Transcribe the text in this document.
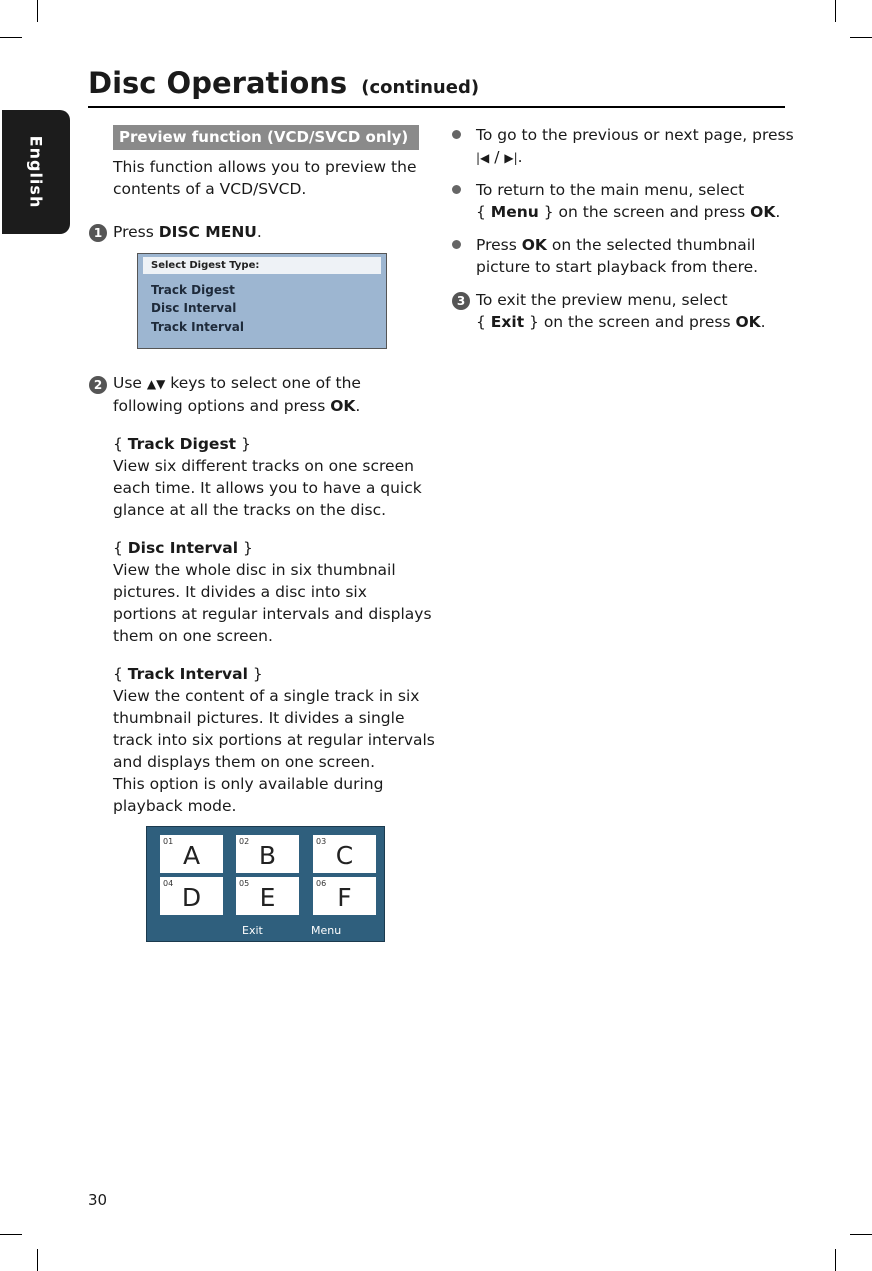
English
Disc Operations (continued)
Preview function (VCD/SVCD only)
This function allows you to preview the
contents of a VCD/SVCD.
1 Press DISC MENU.
Select Digest Type:
Track Digest
Disc Interval
Track Interval
2 Use ▲▼ keys to select one of the
following options and press OK.
{ Track Digest }
View six different tracks on one screen
each time. It allows you to have a quick
glance at all the tracks on the disc.
{ Disc Interval }
View the whole disc in six thumbnail
pictures. It divides a disc into six
portions at regular intervals and displays
them on one screen.
{ Track Interval }
View the content of a single track in six
thumbnail pictures. It divides a single
track into six portions at regular intervals
and displays them on one screen.
This option is only available during
playback mode.
01 A	02 B	03 C
04 D	05 E	06 F
Exit	Menu
To go to the previous or next page, press
|◀ / ▶|.
To return to the main menu, select
{ Menu } on the screen and press OK.
Press OK on the selected thumbnail
picture to start playback from there.
3 To exit the preview menu, select
{ Exit } on the screen and press OK.
30
